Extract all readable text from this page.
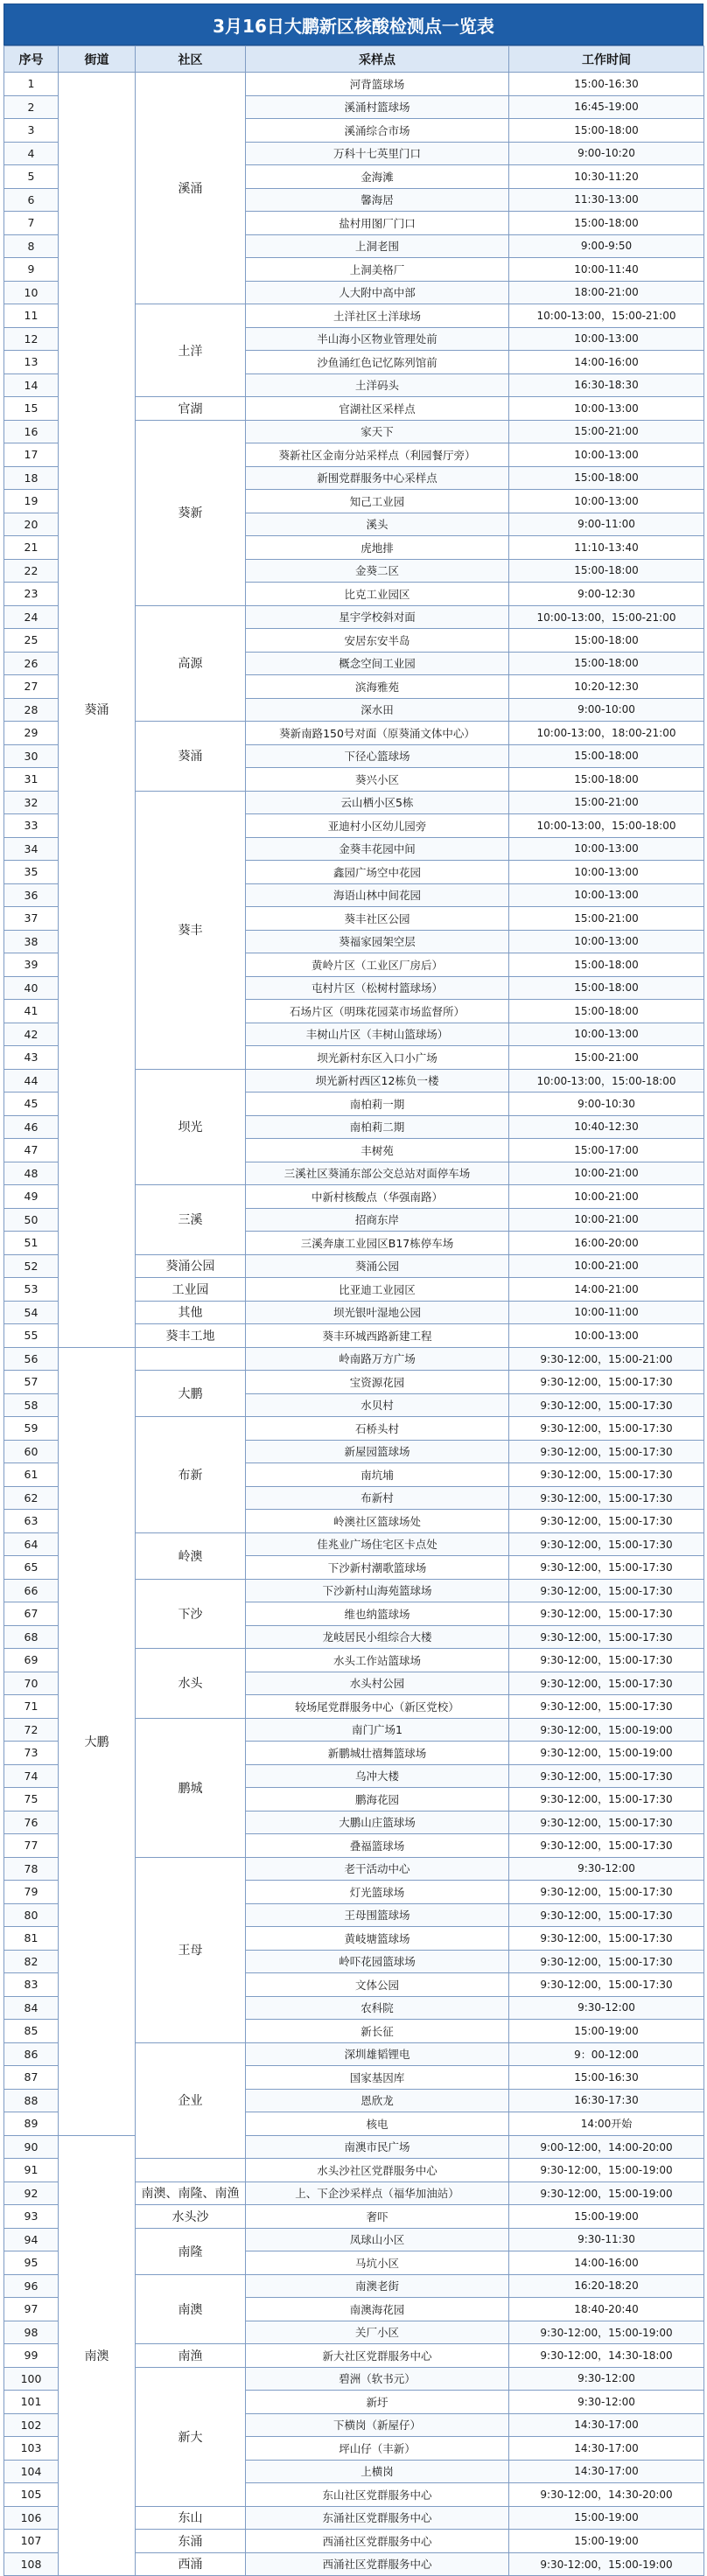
3月16日大鹏新区核酸检测点一览表
序号	街道	社区	采样点	工作时间
1	葵涌	溪涌	河背篮球场	15:00-16:30
2			溪涌村篮球场	16:45-19:00
3			溪涌综合市场	15:00-18:00
4			万科十七英里门口	9:00-10:20
5			金海滩	10:30-11:20
6			馨海居	11:30-13:00
7			盐村用图厂门口	15:00-18:00
8			上洞老围	9:00-9:50
9			上洞美格厂	10:00-11:40
10			人大附中高中部	18:00-21:00
11		土洋	土洋社区土洋球场	10:00-13:00，15:00-21:00
12			半山海小区物业管理处前	10:00-13:00
13			沙鱼涌红色记忆陈列馆前	14:00-16:00
14			土洋码头	16:30-18:30
15		官湖	官湖社区采样点	10:00-13:00
16		葵新	家天下	15:00-21:00
17			葵新社区金南分站采样点（利园餐厅旁）	10:00-13:00
18			新围党群服务中心采样点	15:00-18:00
19			知己工业园	10:00-13:00
20			溪头	9:00-11:00
21			虎地排	11:10-13:40
22			金葵二区	15:00-18:00
23			比克工业园区	9:00-12:30
24		高源	星宇学校斜对面	10:00-13:00，15:00-21:00
25			安居东安半岛	15:00-18:00
26			概念空间工业园	15:00-18:00
27			滨海雅苑	10:20-12:30
28			深水田	9:00-10:00
29		葵涌	葵新南路150号对面（原葵涌文体中心）	10:00-13:00，18:00-21:00
30			下径心篮球场	15:00-18:00
31			葵兴小区	15:00-18:00
32		葵丰	云山栖小区5栋	15:00-21:00
33			亚迪村小区幼儿园旁	10:00-13:00，15:00-18:00
34			金葵丰花园中间	10:00-13:00
35			鑫园广场空中花园	10:00-13:00
36			海语山林中间花园	10:00-13:00
37			葵丰社区公园	15:00-21:00
38			葵福家园架空层	10:00-13:00
39			黄岭片区（工业区厂房后）	15:00-18:00
40			屯村片区（松树村篮球场）	15:00-18:00
41			石场片区（明珠花园菜市场监督所）	15:00-18:00
42			丰树山片区（丰树山篮球场）	10:00-13:00
43			坝光新村东区入口小广场	15:00-21:00
44		坝光	坝光新村西区12栋负一楼	10:00-13:00，15:00-18:00
45			南柏莉一期	9:00-10:30
46			南柏莉二期	10:40-12:30
47			丰树苑	15:00-17:00
48			三溪社区葵涌东部公交总站对面停车场	10:00-21:00
49		三溪	中新村核酸点（华强南路）	10:00-21:00
50			招商东岸	10:00-21:00
51			三溪奔康工业园区B17栋停车场	16:00-20:00
52		葵涌公园	葵涌公园	10:00-21:00
53		工业园	比亚迪工业园区	14:00-21:00
54		其他	坝光银叶湿地公园	10:00-11:00
55		葵丰工地	葵丰环城西路新建工程	10:00-13:00
56	大鹏		岭南路万方广场	9:30-12:00，15:00-21:00
57		大鹏	宝资源花园	9:30-12:00，15:00-17:30
58			水贝村	9:30-12:00，15:00-17:30
59		布新	石桥头村	9:30-12:00，15:00-17:30
60			新屋园篮球场	9:30-12:00，15:00-17:30
61			南坑埔	9:30-12:00，15:00-17:30
62			布新村	9:30-12:00，15:00-17:30
63			岭澳社区篮球场处	9:30-12:00，15:00-17:30
64		岭澳	佳兆业广场住宅区卡点处	9:30-12:00，15:00-17:30
65			下沙新村潮歌篮球场	9:30-12:00，15:00-17:30
66		下沙	下沙新村山海苑篮球场	9:30-12:00，15:00-17:30
67			维也纳篮球场	9:30-12:00，15:00-17:30
68			龙岐居民小组综合大楼	9:30-12:00，15:00-17:30
69		水头	水头工作站篮球场	9:30-12:00，15:00-17:30
70			水头村公园	9:30-12:00，15:00-17:30
71			较场尾党群服务中心（新区党校）	9:30-12:00，15:00-17:30
72		鹏城	南门广场1	9:30-12:00，15:00-19:00
73			新鹏城壮禧舞篮球场	9:30-12:00，15:00-19:00
74			乌冲大楼	9:30-12:00，15:00-17:30
75			鹏海花园	9:30-12:00，15:00-17:30
76			大鹏山庄篮球场	9:30-12:00，15:00-17:30
77			叠福篮球场	9:30-12:00，15:00-17:30
78		王母	老干活动中心	9:30-12:00
79			灯光篮球场	9:30-12:00，15:00-17:30
80			王母围篮球场	9:30-12:00，15:00-17:30
81			黄岐塘篮球场	9:30-12:00，15:00-17:30
82			岭吓花园篮球场	9:30-12:00，15:00-17:30
83			文体公园	9:30-12:00，15:00-17:30
84			农科院	9:30-12:00
85			新长征	15:00-19:00
86		企业	深圳雄韬锂电	9：00-12:00
87			国家基因库	15:00-16:30
88			恩欣龙	16:30-17:30
89			核电	14:00开始
90	南澳		南澳市民广场	9:00-12:00，14:00-20:00
91			水头沙社区党群服务中心	9:30-12:00，15:00-19:00
92		南澳、南隆、南渔	上、下企沙采样点（福华加油站）	9:30-12:00，15:00-19:00
93		水头沙	奢吓	15:00-19:00
94		南隆	凤球山小区	9:30-11:30
95			马坑小区	14:00-16:00
96		南澳	南澳老街	16:20-18:20
97			南澳海花园	18:40-20:40
98			关厂小区	9:30-12:00，15:00-19:00
99		南渔	新大社区党群服务中心	9:30-12:00，14:30-18:00
100		新大	碧洲（软书元）	9:30-12:00
101			新圩	9:30-12:00
102			下横岗（新屋仔）	14:30-17:00
103			坪山仔（丰新）	14:30-17:00
104			上横岗	14:30-17:00
105			东山社区党群服务中心	9:30-12:00，14:30-20:00
106		东山	东涌社区党群服务中心	15:00-19:00
107		东涌	西涌社区党群服务中心	15:00-19:00
108		西涌	西涌社区党群服务中心	9:30-12:00，15:00-19:00
